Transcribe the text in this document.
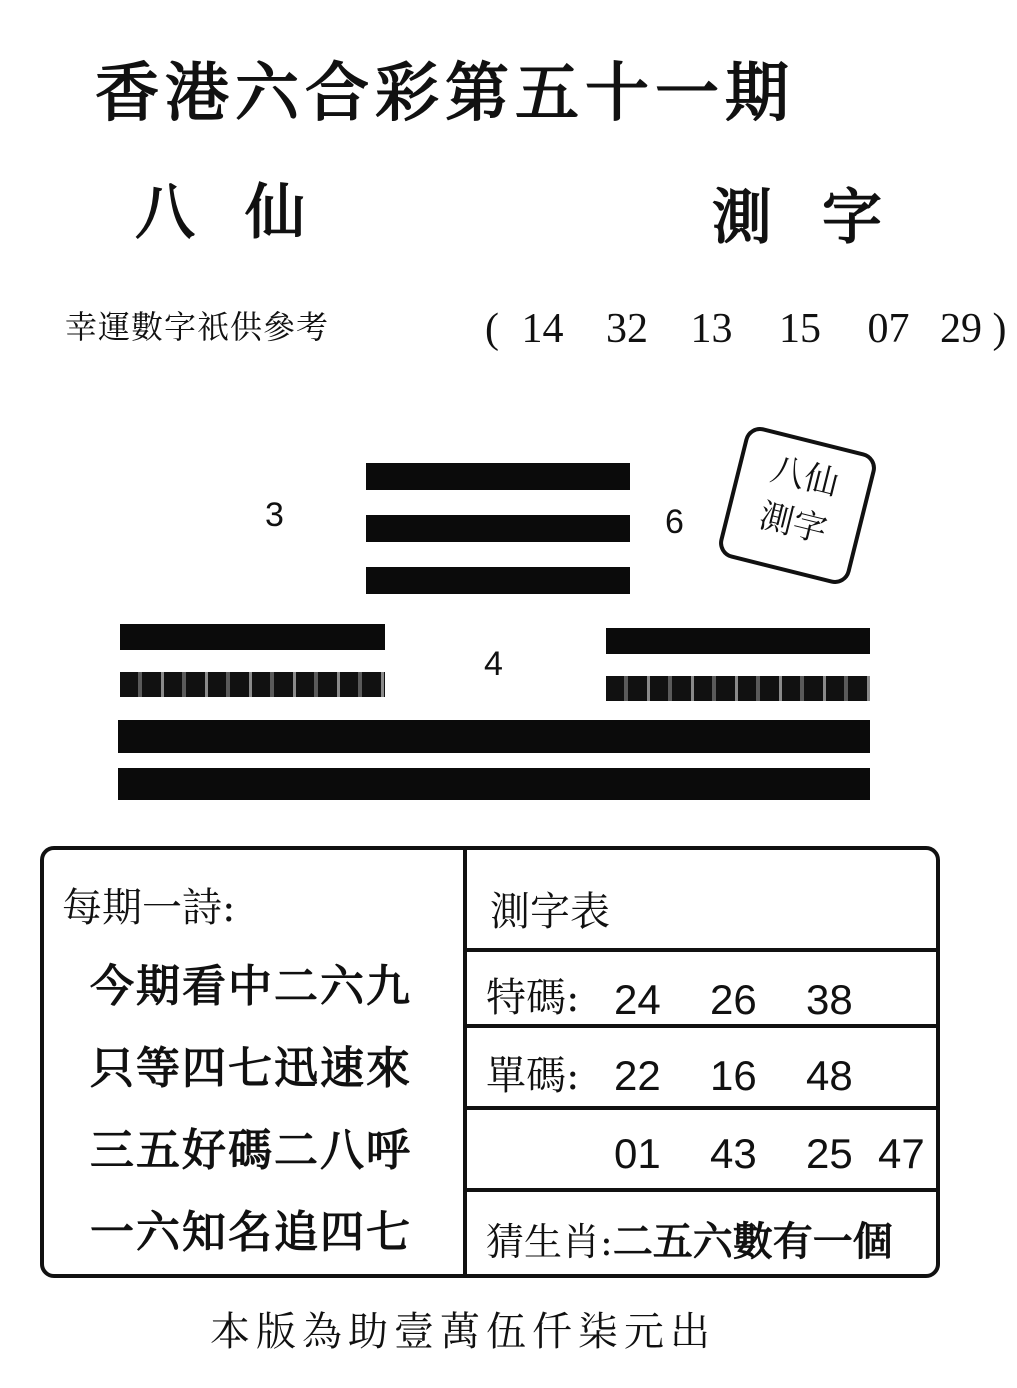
香港六合彩第五十一期
八仙	測字
幸運數字祇供參考	( 14 32 13 15 07 29 )
3	6
4
八仙
測字
每期一詩:
今期看中二六九
只等四七迅速來
三五好碼二八呼
一六知名追四七
測字表
特碼: 24 26 38
單碼: 22 16 48
01 43 25 47
猜生肖:二五六數有一個
本版為助壹萬伍仟柒元出
